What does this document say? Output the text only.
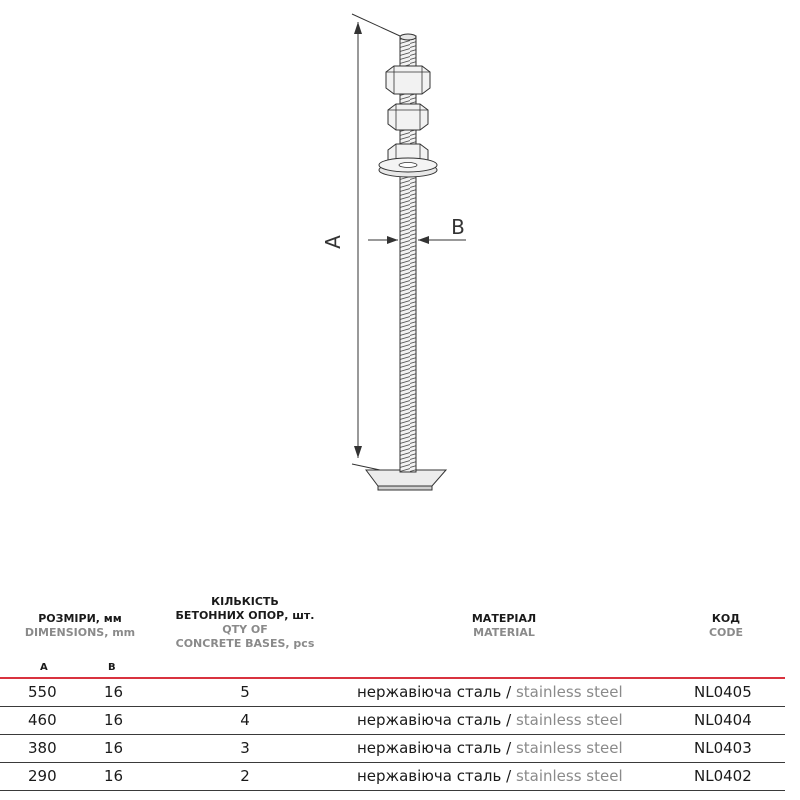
A
B
РОЗМІРИ, мм
DIMENSIONS, mm
A	B
КІЛЬКІСТЬ
БЕТОННИХ ОПОР, шт.
QTY OF
CONCRETE BASES, pcs
МАТЕРІАЛ
MATERIAL
КОД
CODE
550	16	5	нержавіюча сталь / stainless steel	NL0405
460	16	4	нержавіюча сталь / stainless steel	NL0404
380	16	3	нержавіюча сталь / stainless steel	NL0403
290	16	2	нержавіюча сталь / stainless steel	NL0402
